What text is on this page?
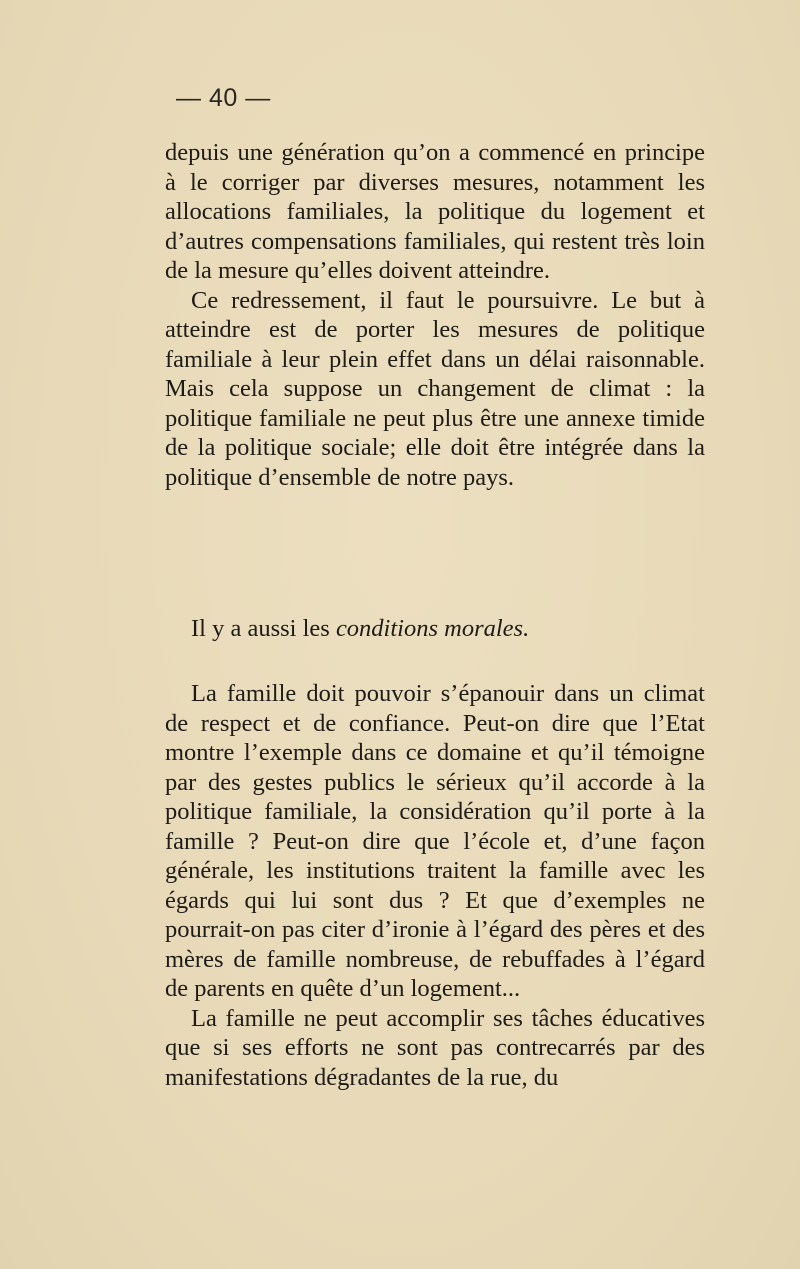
— 40 —

depuis une génération qu’on a commencé en principe à le corriger par diverses mesures, notamment les allocations familiales, la politique du logement et d’autres compensations familiales, qui restent très loin de la mesure qu’elles doivent atteindre.

Ce redressement, il faut le poursuivre. Le but à atteindre est de porter les mesures de politique familiale à leur plein effet dans un délai raisonnable. Mais cela suppose un changement de climat : la politique familiale ne peut plus être une annexe timide de la politique sociale; elle doit être intégrée dans la politique d’ensemble de notre pays.

Il y a aussi les conditions morales.

La famille doit pouvoir s’épanouir dans un climat de respect et de confiance. Peut-on dire que l’Etat montre l’exemple dans ce domaine et qu’il témoigne par des gestes publics le sérieux qu’il accorde à la politique familiale, la considération qu’il porte à la famille ? Peut-on dire que l’école et, d’une façon générale, les institutions traitent la famille avec les égards qui lui sont dus ? Et que d’exemples ne pourrait-on pas citer d’ironie à l’égard des pères et des mères de famille nombreuse, de rebuffades à l’égard de parents en quête d’un logement...

La famille ne peut accomplir ses tâches éducatives que si ses efforts ne sont pas contrecarrés par des manifestations dégradantes de la rue, du
